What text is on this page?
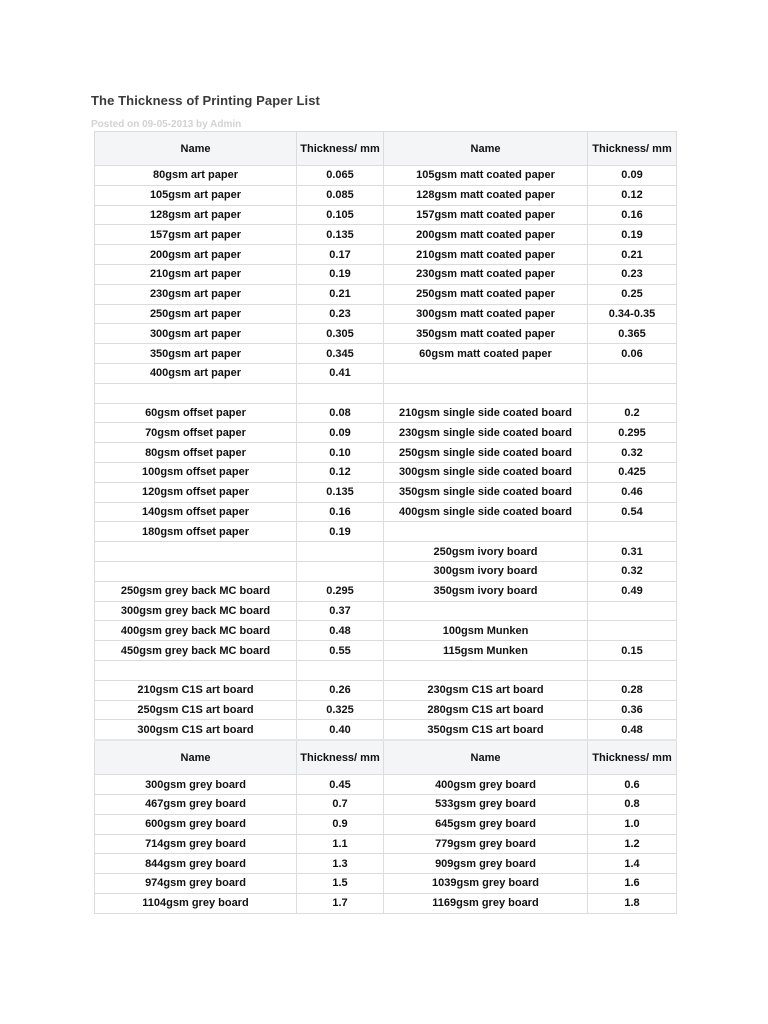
The Thickness of Printing Paper List
Posted on 09-05-2013 by Admin
Name	Thickness/ mm	Name	Thickness/ mm
80gsm art paper	0.065	105gsm matt coated paper	0.09
105gsm art paper	0.085	128gsm matt coated paper	0.12
128gsm art paper	0.105	157gsm matt coated paper	0.16
157gsm art paper	0.135	200gsm matt coated paper	0.19
200gsm art paper	0.17	210gsm matt coated paper	0.21
210gsm art paper	0.19	230gsm matt coated paper	0.23
230gsm art paper	0.21	250gsm matt coated paper	0.25
250gsm art paper	0.23	300gsm matt coated paper	0.34-0.35
300gsm art paper	0.305	350gsm matt coated paper	0.365
350gsm art paper	0.345	60gsm matt coated paper	0.06
400gsm art paper	0.41		

60gsm offset paper	0.08	210gsm single side coated board	0.2
70gsm offset paper	0.09	230gsm single side coated board	0.295
80gsm offset paper	0.10	250gsm single side coated board	0.32
100gsm offset paper	0.12	300gsm single side coated board	0.425
120gsm offset paper	0.135	350gsm single side coated board	0.46
140gsm offset paper	0.16	400gsm single side coated board	0.54
180gsm offset paper	0.19		
		250gsm ivory board	0.31
		300gsm ivory board	0.32
250gsm grey back MC board	0.295	350gsm ivory board	0.49
300gsm grey back MC board	0.37		
400gsm grey back MC board	0.48	100gsm Munken	
450gsm grey back MC board	0.55	115gsm Munken	0.15

210gsm C1S art board	0.26	230gsm C1S art board	0.28
250gsm C1S art board	0.325	280gsm C1S art board	0.36
300gsm C1S art board	0.40	350gsm C1S art board	0.48
Name	Thickness/ mm	Name	Thickness/ mm
300gsm grey board	0.45	400gsm grey board	0.6
467gsm grey board	0.7	533gsm grey board	0.8
600gsm grey board	0.9	645gsm grey board	1.0
714gsm grey board	1.1	779gsm grey board	1.2
844gsm grey board	1.3	909gsm grey board	1.4
974gsm grey board	1.5	1039gsm grey board	1.6
1104gsm grey board	1.7	1169gsm grey board	1.8
